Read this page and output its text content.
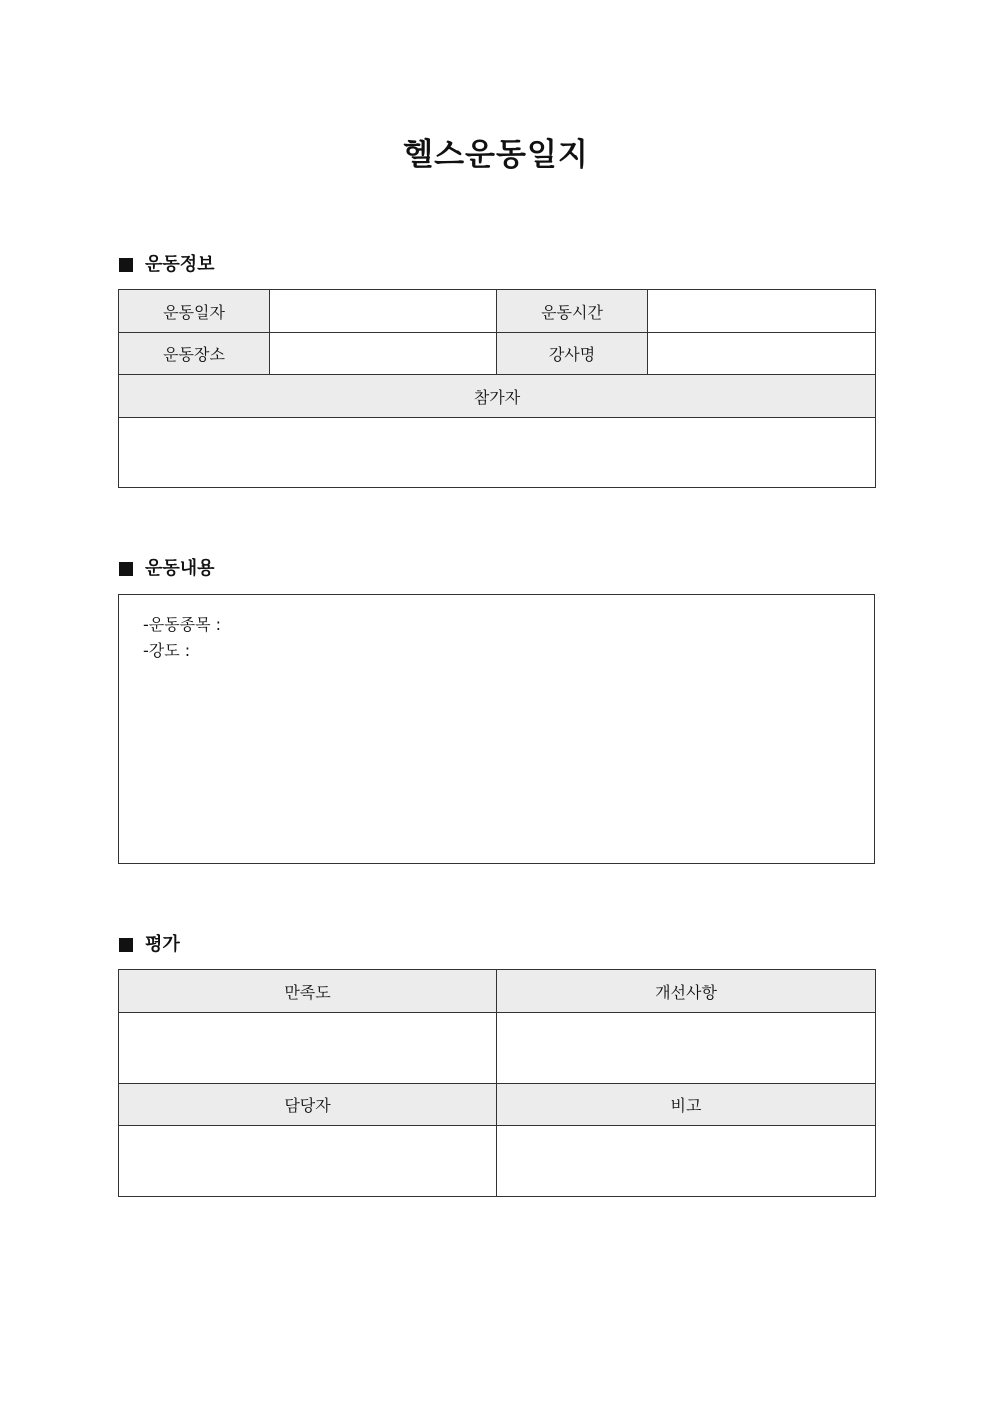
헬스운동일지
운동정보
운동일자		운동시간	
운동장소		강사명	
참가자			

운동내용
-운동종목 :
-강도 :
평가
만족도	개선사항

담당자	비고
